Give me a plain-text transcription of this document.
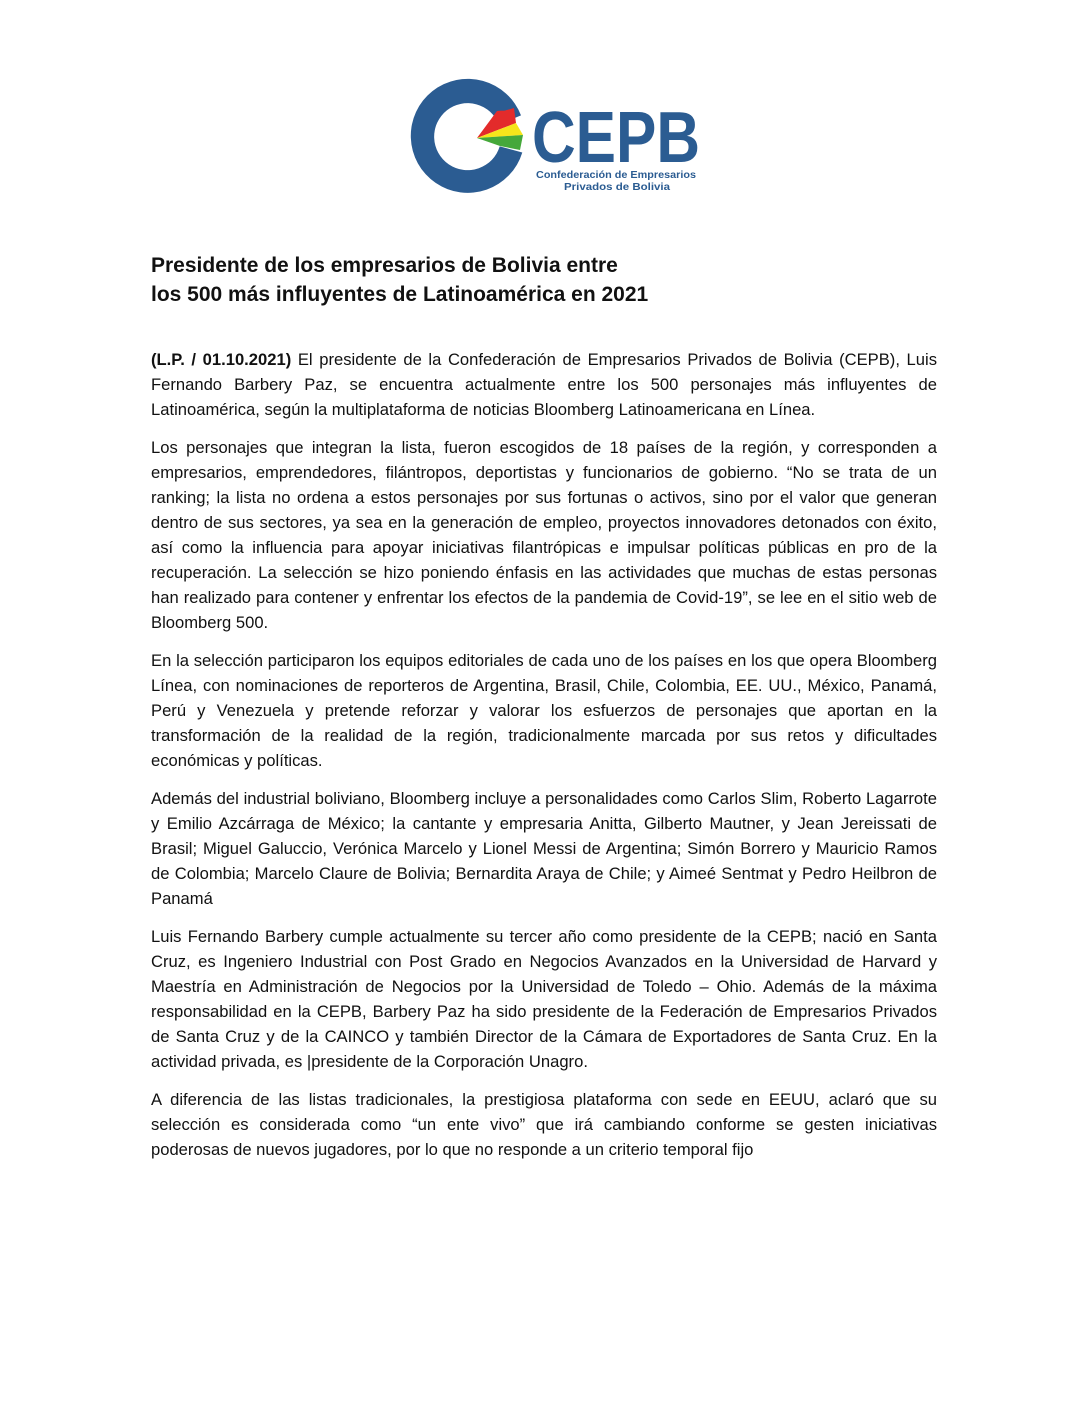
CEPB
Confederación de Empresarios
Privados de Bolivia
Presidente de los empresarios de Bolivia entre
los 500 más influyentes de Latinoamérica en 2021

(L.P. / 01.10.2021) El presidente de la Confederación de Empresarios Privados de Bolivia (CEPB), Luis Fernando Barbery Paz, se encuentra actualmente entre los 500 personajes más influyentes de Latinoamérica, según la multiplataforma de noticias Bloomberg Latinoamericana en Línea.

Los personajes que integran la lista, fueron escogidos de 18 países de la región, y corresponden a empresarios, emprendedores, filántropos, deportistas y funcionarios de gobierno. “No se trata de un ranking; la lista no ordena a estos personajes por sus fortunas o activos, sino por el valor que generan dentro de sus sectores, ya sea en la generación de empleo, proyectos innovadores detonados con éxito, así como la influencia para apoyar iniciativas filantrópicas e impulsar políticas públicas en pro de la recuperación. La selección se hizo poniendo énfasis en las actividades que muchas de estas personas han realizado para contener y enfrentar los efectos de la pandemia de Covid-19”, se lee en el sitio web de Bloomberg 500.

En la selección participaron los equipos editoriales de cada uno de los países en los que opera Bloomberg Línea, con nominaciones de reporteros de Argentina, Brasil, Chile, Colombia, EE. UU., México, Panamá, Perú y Venezuela y pretende reforzar y valorar los esfuerzos de personajes que aportan en la transformación de la realidad de la región, tradicionalmente marcada por sus retos y dificultades económicas y políticas.

Además del industrial boliviano, Bloomberg incluye a personalidades como Carlos Slim, Roberto Lagarrote y Emilio Azcárraga de México; la cantante y empresaria Anitta, Gilberto Mautner, y Jean Jereissati de Brasil; Miguel Galuccio, Verónica Marcelo y Lionel Messi de Argentina; Simón Borrero y Mauricio Ramos de Colombia; Marcelo Claure de Bolivia; Bernardita Araya de Chile; y Aimeé Sentmat y Pedro Heilbron de Panamá

Luis Fernando Barbery cumple actualmente su tercer año como presidente de la CEPB; nació en Santa Cruz, es Ingeniero Industrial con Post Grado en Negocios Avanzados en la Universidad de Harvard y Maestría en Administración de Negocios por la Universidad de Toledo – Ohio. Además de la máxima responsabilidad en la CEPB, Barbery Paz ha sido presidente de la Federación de Empresarios Privados de Santa Cruz y de la CAINCO y también Director de la Cámara de Exportadores de Santa Cruz. En la actividad privada, es |presidente de la Corporación Unagro.

A diferencia de las listas tradicionales, la prestigiosa plataforma con sede en EEUU, aclaró que su selección es considerada como “un ente vivo” que irá cambiando conforme se gesten iniciativas poderosas de nuevos jugadores, por lo que no responde a un criterio temporal fijo
